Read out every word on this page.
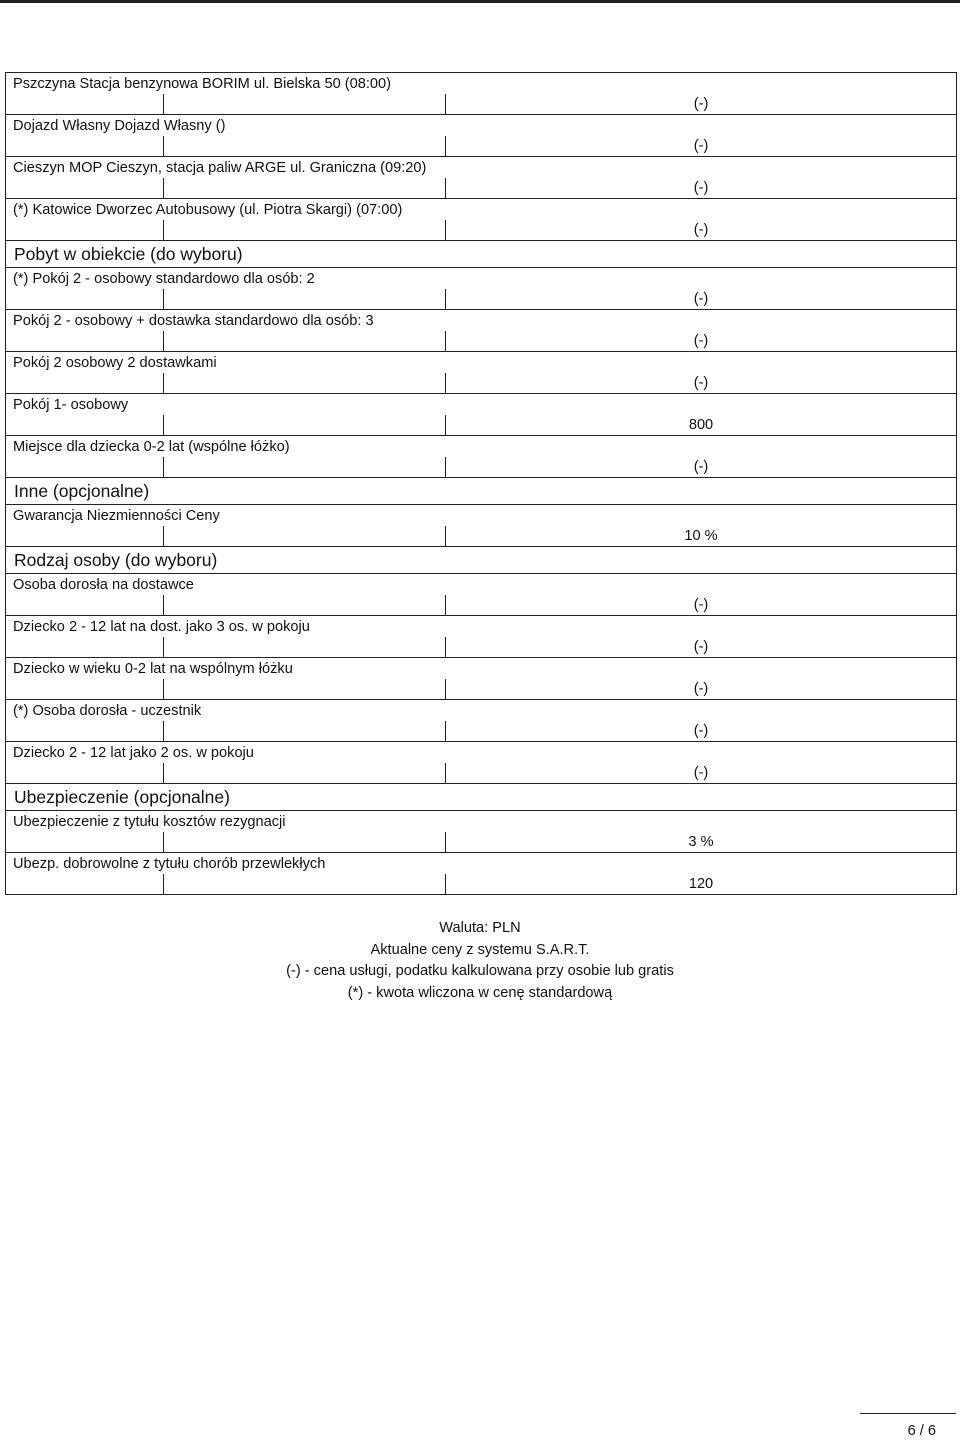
Pszczyna Stacja benzynowa BORIM ul. Bielska 50 (08:00)		
		(-)
Dojazd Własny Dojazd Własny ()		
		(-)
Cieszyn MOP Cieszyn, stacja paliw ARGE ul. Graniczna (09:20)		
		(-)
(*) Katowice Dworzec Autobusowy (ul. Piotra Skargi) (07:00)		
		(-)
Pobyt w obiekcie (do wyboru)		
(*) Pokój 2 - osobowy standardowo dla osób: 2		
		(-)
Pokój 2 - osobowy + dostawka standardowo dla osób: 3		
		(-)
Pokój 2 osobowy 2 dostawkami		
		(-)
Pokój 1- osobowy		
		800
Miejsce dla dziecka 0-2 lat (wspólne łóżko)		
		(-)
Inne (opcjonalne)		
Gwarancja Niezmienności Ceny		
		10 %
Rodzaj osoby (do wyboru)		
Osoba dorosła na dostawce		
		(-)
Dziecko 2 - 12 lat na dost. jako 3 os. w pokoju		
		(-)
Dziecko w wieku 0-2 lat na wspólnym łóżku		
		(-)
(*) Osoba dorosła - uczestnik		
		(-)
Dziecko 2 - 12 lat jako 2 os. w pokoju		
		(-)
Ubezpieczenie (opcjonalne)		
Ubezpieczenie z tytułu kosztów rezygnacji		
		3 %
Ubezp. dobrowolne z tytułu chorób przewlekłych		
		120
Waluta: PLN
Aktualne ceny z systemu S.A.R.T.
(-) - cena usługi, podatku kalkulowana przy osobie lub gratis
(*) - kwota wliczona w cenę standardową
6 / 6
